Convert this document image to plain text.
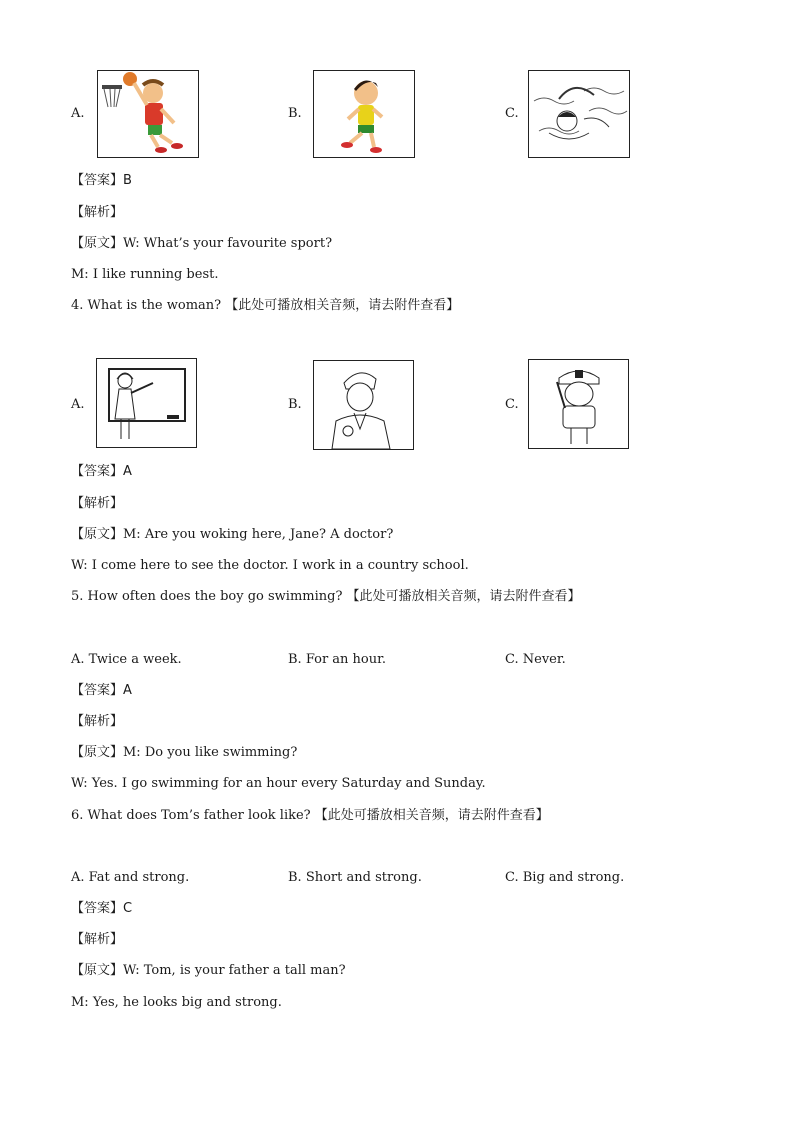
A.	B.	C.
【答案】B
【解析】
【原文】W: What’s your favourite sport?
M: I like running best.
4. What is the woman? 【此处可播放相关音频，请去附件查看】
A.	B.	C.
【答案】A
【解析】
【原文】M: Are you woking here, Jane? A doctor?
W: I come here to see the doctor. I work in a country school.
5. How often does the boy go swimming? 【此处可播放相关音频，请去附件查看】
A. Twice a week.	B. For an hour.	C. Never.
【答案】A
【解析】
【原文】M: Do you like swimming?
W: Yes. I go swimming for an hour every Saturday and Sunday.
6. What does Tom’s father look like? 【此处可播放相关音频，请去附件查看】
A. Fat and strong.	B. Short and strong.	C. Big and strong.
【答案】C
【解析】
【原文】W: Tom, is your father a tall man?
M: Yes, he looks big and strong.
